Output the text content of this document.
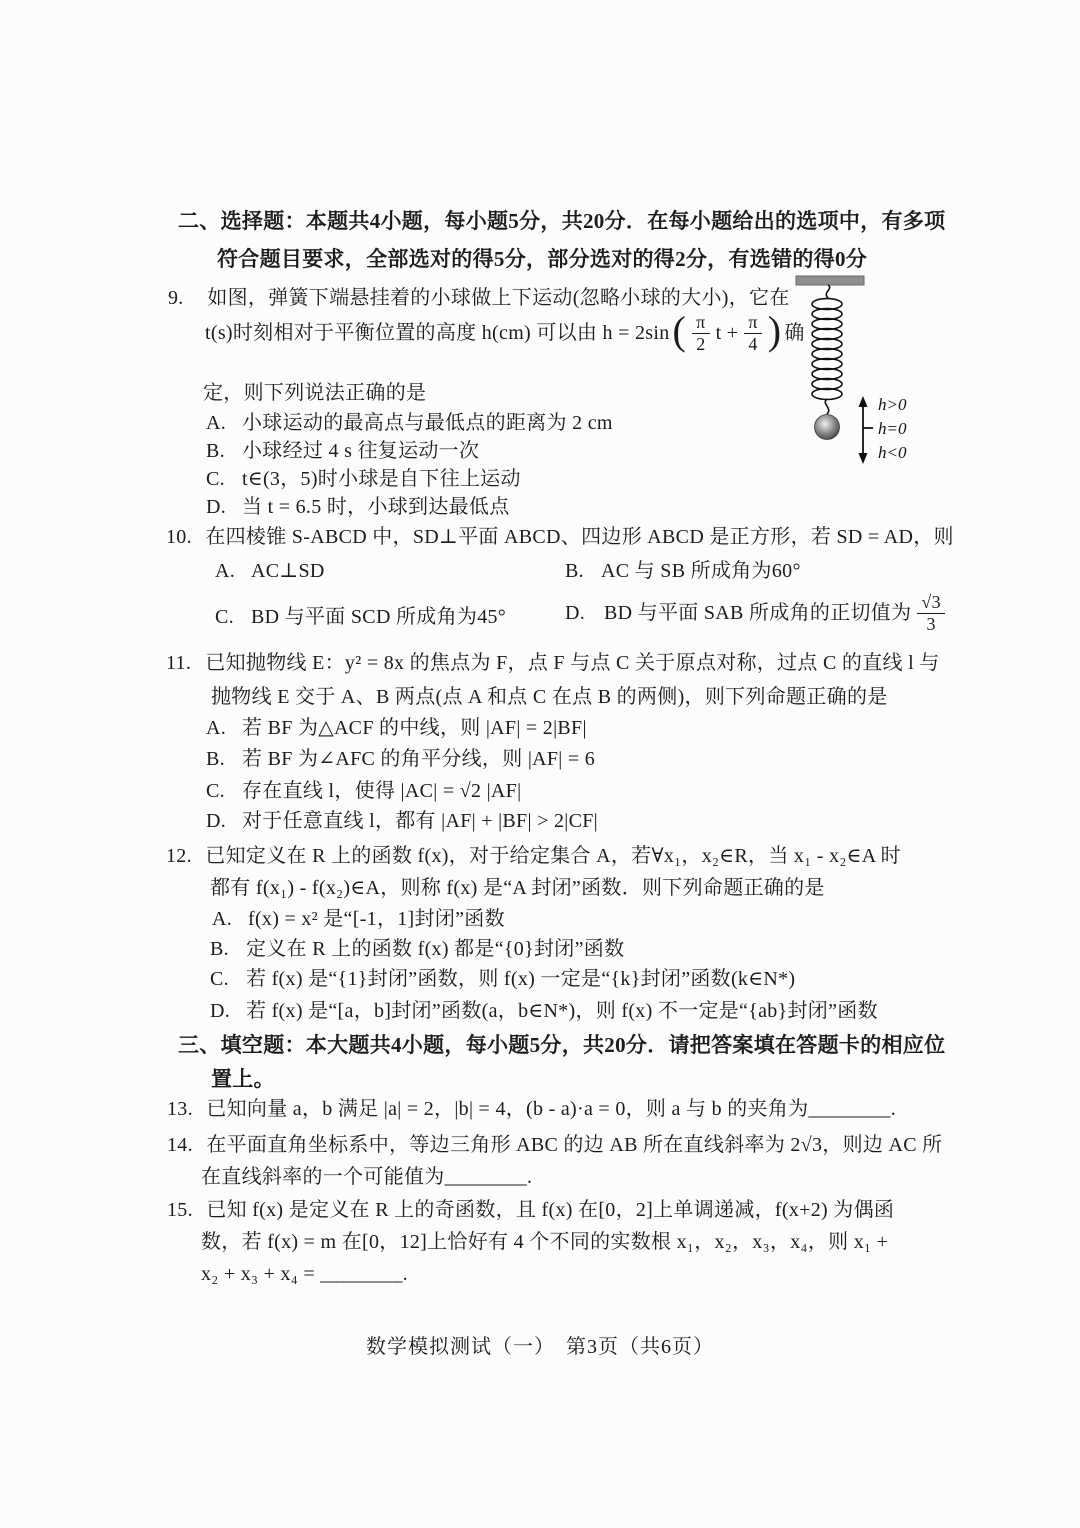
二、选择题：本题共4小题，每小题5分，共20分．在每小题给出的选项中，有多项
符合题目要求，全部选对的得5分，部分选对的得2分，有选错的得0分
9. 如图，弹簧下端悬挂着的小球做上下运动(忽略小球的大小)，它在
t(s)时刻相对于平衡位置的高度 h(cm) 可以由 h = 2sin ( $\frac{\pi}{2}$ $t + \frac{\pi}{4}$ ) 确
定，则下列说法正确的是
A. 小球运动的最高点与最低点的距离为 2 cm
B. 小球经过 4 s 往复运动一次
C. t∈(3，5)时小球是自下往上运动
D. 当 t = 6.5 时，小球到达最低点
h>0
h=0
h<0
10. 在四棱锥 S-ABCD 中，SD⊥平面 ABCD、四边形 ABCD 是正方形，若 SD = AD，则
A. AC⊥SD	B. AC 与 SB 所成角为60°
C. BD 与平面 SCD 所成角为45°	D. BD 与平面 SAB 所成角的正切值为 $\frac{√3}{3}$
11. 已知抛物线 E：y² = 8x 的焦点为 F，点 F 与点 C 关于原点对称，过点 C 的直线 l 与
抛物线 E 交于 A、B 两点(点 A 和点 C 在点 B 的两侧)，则下列命题正确的是
A. 若 BF 为△ACF 的中线，则 |AF| = 2|BF|
B. 若 BF 为∠AFC 的角平分线，则 |AF| = 6
C. 存在直线 l，使得 |AC| = √2 |AF|
D. 对于任意直线 l，都有 |AF| + |BF| > 2|CF|
12. 已知定义在 R 上的函数 f(x)，对于给定集合 A，若∀x₁，x₂∈R，当 x₁ - x₂∈A 时
都有 f(x₁) - f(x₂)∈A，则称 f(x) 是“A 封闭”函数．则下列命题正确的是
A. f(x) = x² 是“[-1，1]封闭”函数
B. 定义在 R 上的函数 f(x) 都是“{0}封闭”函数
C. 若 f(x) 是“{1}封闭”函数，则 f(x) 一定是“{k}封闭”函数(k∈N*)
D. 若 f(x) 是“[a，b]封闭”函数(a，b∈N*)，则 f(x) 不一定是“{ab}封闭”函数
三、填空题：本大题共4小题，每小题5分，共20分．请把答案填在答题卡的相应位
置上。
13. 已知向量 a，b 满足 |a| = 2，|b| = 4，(b - a)·a = 0，则 a 与 b 的夹角为________.
14. 在平面直角坐标系中，等边三角形 ABC 的边 AB 所在直线斜率为 2√3，则边 AC 所
在直线斜率的一个可能值为________.
15. 已知 f(x) 是定义在 R 上的奇函数，且 f(x) 在[0，2]上单调递减，f(x+2) 为偶函
数，若 f(x) = m 在[0，12]上恰好有 4 个不同的实数根 x₁，x₂，x₃，x₄，则 x₁ +
x₂ + x₃ + x₄ = ________.
数学模拟测试（一）　第3页（共6页）
